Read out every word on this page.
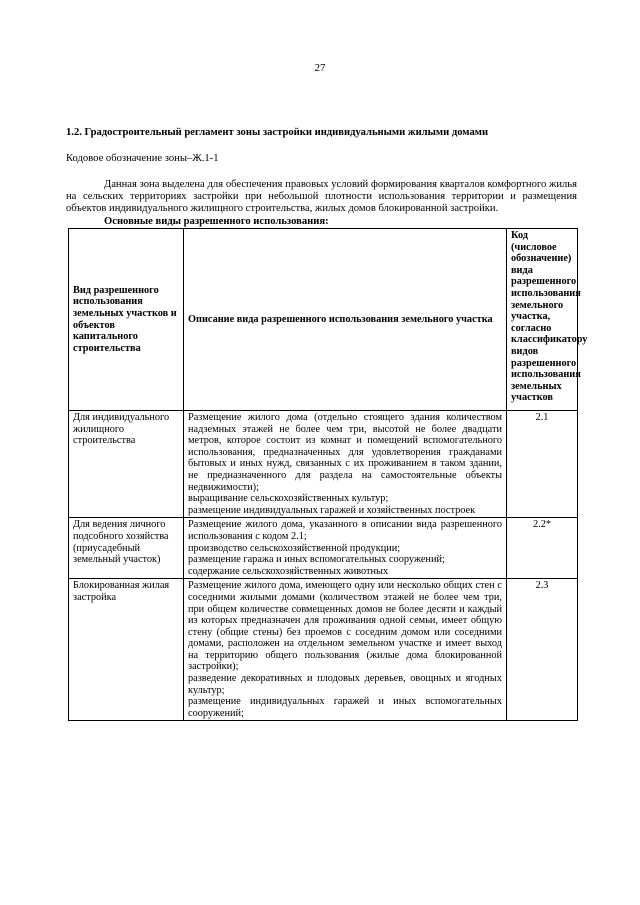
27
1.2. Градостроительный регламент зоны застройки индивидуальными жилыми домами
Кодовое обозначение зоны–Ж.1-1

Данная зона выделена для обеспечения правовых условий формирования кварталов комфортного жилья на сельских территориях застройки при небольшой плотности использования территории и размещения объектов индивидуального жилищного строительства, жилых домов блокированной застройки.

Основные виды разрешенного использования:
Вид разрешенного использования земельных участков и объектов капитального строительства	Описание вида разрешенного использования земельного участка	Код (числовое обозначение) вида разрешенного использования земельного участка, согласно классификатору видов разрешенного использования земельных участков
Для индивидуального жилищного строительства	Размещение жилого дома (отдельно стоящего здания количеством надземных этажей не более чем три, высотой не более двадцати метров, которое состоит из комнат и помещений вспомогательного использования, предназначенных для удовлетворения гражданами бытовых и иных нужд, связанных с их проживанием в таком здании, не предназначенного для раздела на самостоятельные объекты недвижимости);

выращивание сельскохозяйственных культур;

размещение индивидуальных гаражей и хозяйственных построек	2.1
Для ведения личного подсобного хозяйства (приусадебный земельный участок)	Размещение жилого дома, указанного в описании вида разрешенного использования с кодом 2.1;

производство сельскохозяйственной продукции;

размещение гаража и иных вспомогательных сооружений;

содержание сельскохозяйственных животных	2.2*
Блокированная жилая застройка	Размещение жилого дома, имеющего одну или несколько общих стен с соседними жилыми домами (количеством этажей не более чем три, при общем количестве совмещенных домов не более десяти и каждый из которых предназначен для проживания одной семьи, имеет общую стену (общие стены) без проемов с соседним домом или соседними домами, расположен на отдельном земельном участке и имеет выход на территорию общего пользования (жилые дома блокированной застройки);

разведение декоративных и плодовых деревьев, овощных и ягодных культур;

размещение индивидуальных гаражей и иных вспомогательных сооружений;	2.3
